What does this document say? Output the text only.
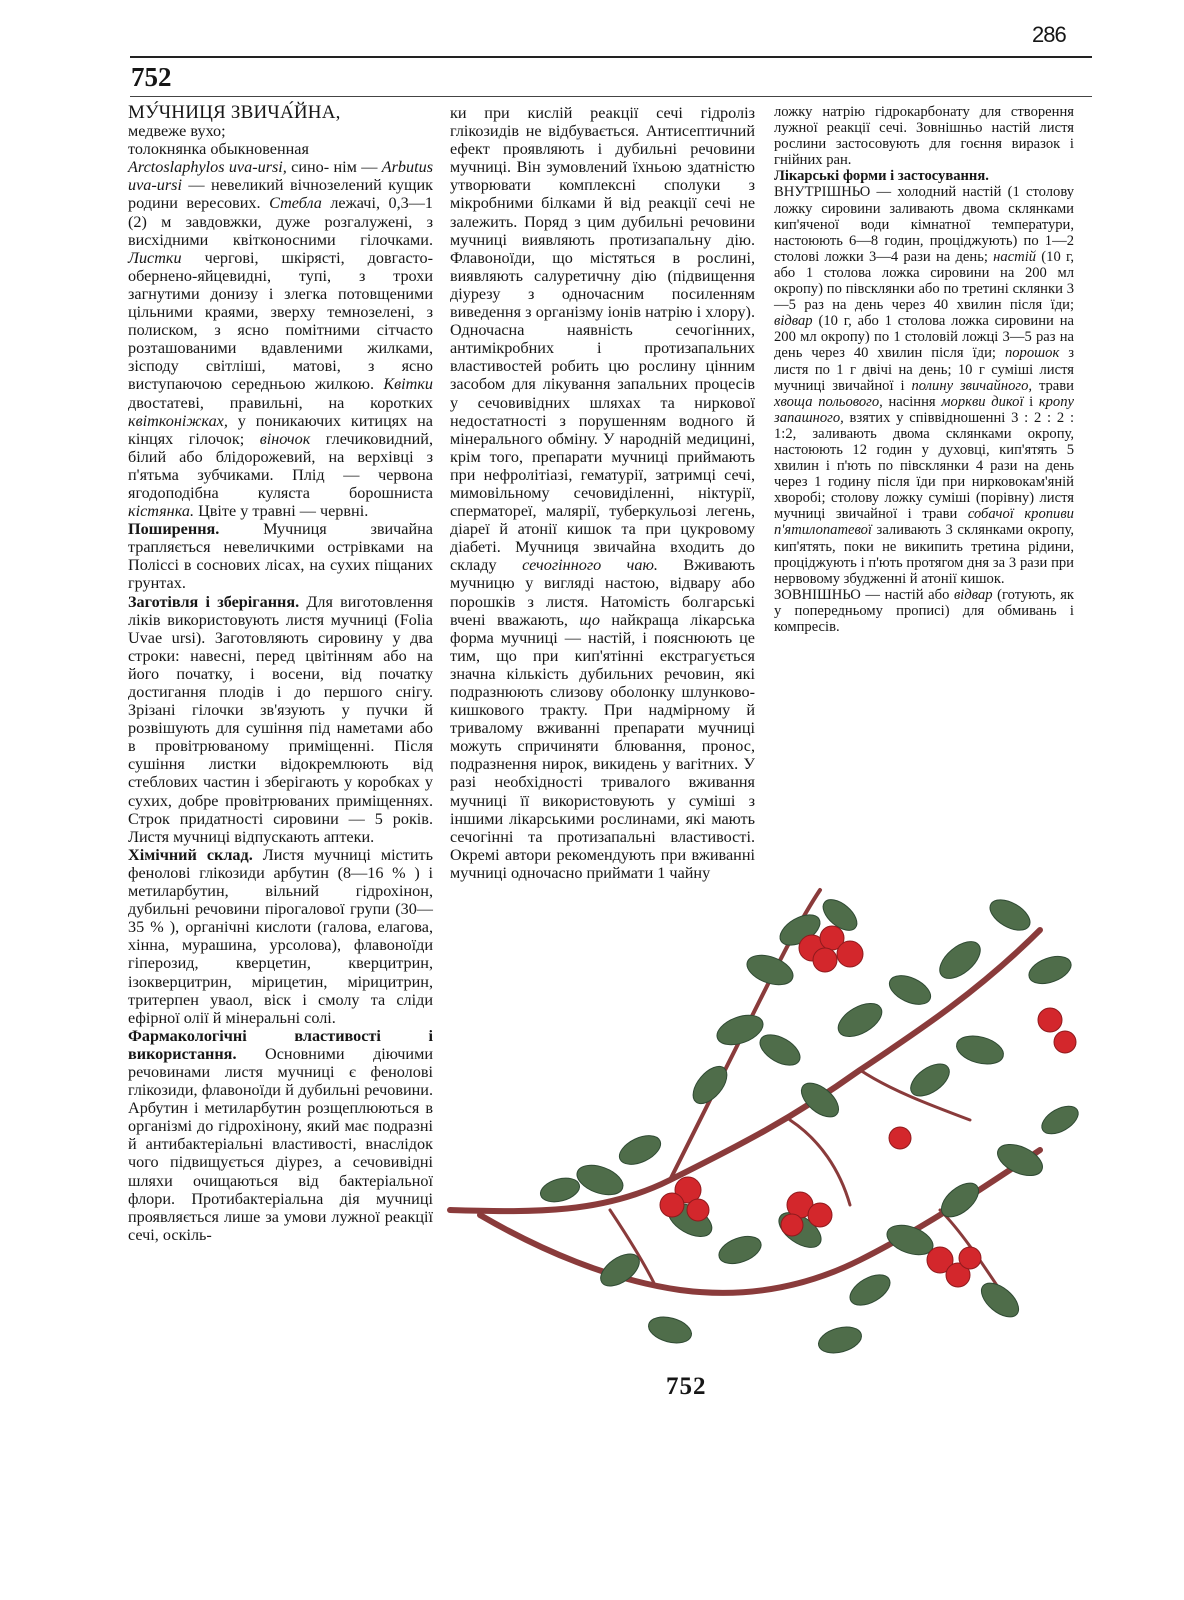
286
752

МУ́ЧНИЦЯ ЗВИЧА́ЙНА,

медвеже вухо;

толокнянка обыкновенная

Arctoslaphylos uva-ursi, сино- нім — Arbutus uva-ursi — невеликий вічнозелений кущик родини вересових. Стебла лежачі, 0,3—1 (2) м завдовжки, дуже розгалужені, з висхідними квітконосними гілочками. Листки чергові, шкірясті, довгасто-обернено-яйцевидні, тупі, з трохи загнутими донизу і злегка потовщеними цільними краями, зверху темнозелені, з полиском, з ясно помітними сітчасто розташованими вдавленими жилками, зісподу світліші, матові, з ясно виступаючою середньою жилкою. Квітки двостатеві, правильні, на коротких квітконіжках, у поникаючих китицях на кінцях гілочок; віночок глечиковидний, білий або блідорожевий, на верхівці з п'ятьма зубчиками. Плід — червона ягодоподібна куляста борошниста кістянка. Цвіте у травні — червні.

Поширення. Мучниця звичайна трапляється невеличкими острівками на Поліссі в соснових лісах, на сухих піщаних грунтах.

Заготівля і зберігання. Для виготовлення ліків використовують листя мучниці (Folia Uvae ursi). Заготовляють сировину у два строки: навесні, перед цвітінням або на його початку, і восени, від початку достигання плодів і до першого снігу. Зрізані гілочки зв'язують у пучки й розвішують для сушіння під наметами або в провітрюваному приміщенні. Після сушіння листки відокремлюють від стеблових частин і зберігають у коробках у сухих, добре провітрюваних приміщеннях. Строк придатності сировини — 5 років. Листя мучниці відпускають аптеки.

Хімічний склад. Листя мучниці містить фенолові глікозиди арбутин (8—16 % ) і метиларбутин, вільний гідрохінон, дубильні речовини пірогалової групи (30—35 % ), органічні кислоти (галова, елагова, хінна, мурашина, урсолова), флавоноїди гіперозид, кверцетин, кверцитрин, ізокверцитрин, мірицетин, мірицитрин, тритерпен уваол, віск і смолу та сліди ефірної олії й мінеральні солі.

Фармакологічні властивості і використання. Основними діючими речовинами листя мучниці є фенолові глікозиди, флавоноїди й дубильні речовини. Арбутин і метиларбутин розщеплюються в організмі до гідрохінону, який має подразні й антибактеріальні властивості, внаслідок чого підвищується діурез, а сечовивідні шляхи очищаються від бактеріальної флори. Протибактеріальна дія мучниці проявляється лише за умови лужної реакції сечі, оскіль-

ки при кислій реакції сечі гідроліз глікозидів не відбувається. Антисептичний ефект проявляють і дубильні речовини мучниці. Він зумовлений їхньою здатністю утворювати комплексні сполуки з мікробними білками й від реакції сечі не залежить. Поряд з цим дубильні речовини мучниці виявляють протизапальну дію. Флавоноїди, що містяться в рослині, виявляють салуретичну дію (підвищення діурезу з одночасним посиленням виведення з організму іонів натрію і хлору). Одночасна наявність сечогінних, антимікробних і протизапальних властивостей робить цю рослину цінним засобом для лікування запальних процесів у сечовивідних шляхах та ниркової недостатності з порушенням водного й мінерального обміну. У народній медицині, крім того, препарати мучниці приймають при нефролітіазі, гематурії, затримці сечі, мимовільному сечовиділенні, ніктурії, сперматореї, малярії, туберкульозі легень, діареї й атонії кишок та при цукровому діабеті. Мучниця звичайна входить до складу сечогінного чаю. Вживають мучницю у вигляді настою, відвару або порошків з листя. Натомість болгарські вчені вважають, що найкраща лікарська форма мучниці — настій, і пояснюють це тим, що при кип'ятінні екстрагується значна кількість дубильних речовин, які подразнюють слизову оболонку шлунково-кишкового тракту. При надмірному й тривалому вживанні препарати мучниці можуть спричиняти блювання, пронос, подразнення нирок, викидень у вагітних. У разі необхідності тривалого вживання мучниці її використовують у суміші з іншими лікарськими рослинами, які мають сечогінні та протизапальні властивості. Окремі автори рекомендують при вживанні мучниці одночасно приймати 1 чайну

ложку натрію гідрокарбонату для створення лужної реакції сечі. Зовнішньо настій листя рослини застосовують для гоєння виразок і гнійних ран.

Лікарські форми і застосування.

ВНУТРІШНЬО — холодний настій (1 столову ложку сировини заливають двома склянками кип'яченої води кімнатної температури, настоюють 6—8 годин, проціджують) по 1—2 столові ложки 3—4 рази на день; настій (10 г, або 1 столова ложка сировини на 200 мл окропу) по півсклянки або по третині склянки 3—5 раз на день через 40 хвилин після їди; відвар (10 г, або 1 столова ложка сировини на 200 мл окропу) по 1 столовій ложці 3—5 раз на день через 40 хвилин після їди; порошок з листя по 1 г двічі на день; 10 г суміші листя мучниці звичайної і полину звичайного, трави хвоща польового, насіння моркви дикої і кропу запашного, взятих у співвідношенні 3 : 2 : 2 : 1:2, заливають двома склянками окропу, настоюють 12 годин у духовці, кип'ятять 5 хвилин і п'ють по півсклянки 4 рази на день через 1 годину після їди при нирковокам'яній хворобі; столову ложку суміші (порівну) листя мучниці звичайної і трави собачої кропиви п'ятилопатевої заливають 3 склянками окропу, кип'ятять, поки не википить третина рідини, проціджують і п'ють протягом дня за 3 рази при нервовому збудженні й атонії кишок.

ЗОВНІШНЬО — настій або відвар (готують, як у попередньому прописі) для обмивань і компресів.

752
